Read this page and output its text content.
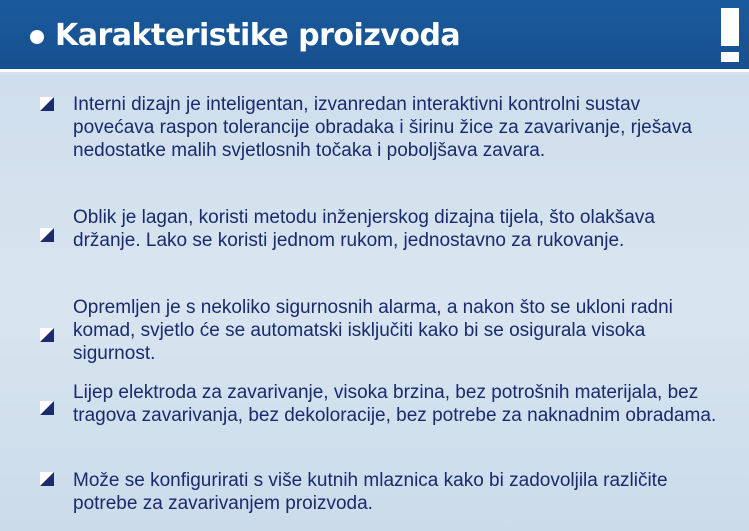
Karakteristike proizvoda
Interni dizajn je inteligentan, izvanredan interaktivni kontrolni sustav povećava raspon tolerancije obradaka i širinu žice za zavarivanje, rješava nedostatke malih svjetlosnih točaka i poboljšava zavara.
Oblik je lagan, koristi metodu inženjerskog dizajna tijela, što olakšava držanje. Lako se koristi jednom rukom, jednostavno za rukovanje.
Opremljen je s nekoliko sigurnosnih alarma, a nakon što se ukloni radni komad, svjetlo će se automatski isključiti kako bi se osigurala visoka sigurnost.
Lijep elektroda za zavarivanje, visoka brzina, bez potrošnih materijala, bez tragova zavarivanja, bez dekoloracije, bez potrebe za naknadnim obradama.
Može se konfigurirati s više kutnih mlaznica kako bi zadovoljila različite potrebe za zavarivanjem proizvoda.
